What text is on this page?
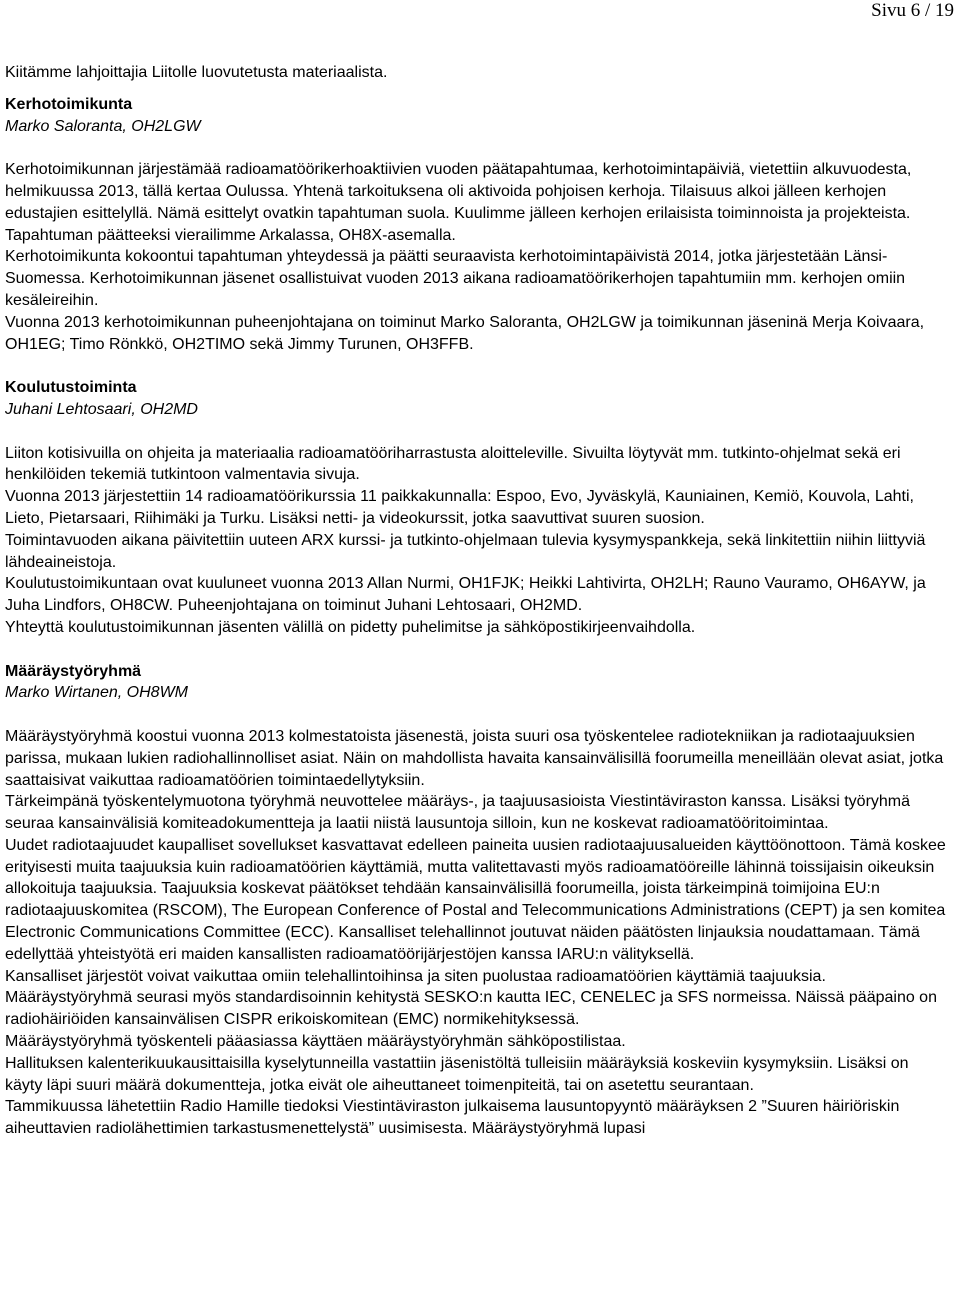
Sivu 6 / 19

Kiitämme lahjoittajia Liitolle luovutetusta materiaalista.

Kerhotoimikunta

Marko Saloranta, OH2LGW

Kerhotoimikunnan järjestämää radioamatöörikerhoaktiivien vuoden päätapahtumaa, kerhotoimintapäiviä, vietettiin alkuvuodesta, helmikuussa 2013, tällä kertaa Oulussa. Yhtenä tarkoituksena oli aktivoida pohjoisen kerhoja. Tilaisuus alkoi jälleen kerhojen edustajien esittelyllä. Nämä esittelyt ovatkin tapahtuman suola. Kuulimme jälleen kerhojen erilaisista toiminnoista ja projekteista. Tapahtuman päätteeksi vierailimme Arkalassa, OH8X-asemalla.

Kerhotoimikunta kokoontui tapahtuman yhteydessä ja päätti seuraavista kerhotoimintapäivistä 2014, jotka järjestetään Länsi-Suomessa. Kerhotoimikunnan jäsenet osallistuivat vuoden 2013 aikana radioamatöörikerhojen tapahtumiin mm. kerhojen omiin kesäleireihin.

Vuonna 2013 kerhotoimikunnan puheenjohtajana on toiminut Marko Saloranta, OH2LGW ja toimikunnan jäseninä Merja Koivaara, OH1EG; Timo Rönkkö, OH2TIMO sekä Jimmy Turunen, OH3FFB.

Koulutustoiminta

Juhani Lehtosaari, OH2MD

Liiton kotisivuilla on ohjeita ja materiaalia radioamatööriharrastusta aloitteleville. Sivuilta löytyvät mm. tutkinto-ohjelmat sekä eri henkilöiden tekemiä tutkintoon valmentavia sivuja.

Vuonna 2013 järjestettiin 14 radioamatöörikurssia 11 paikkakunnalla: Espoo, Evo, Jyväskylä, Kauniainen, Kemiö, Kouvola, Lahti, Lieto, Pietarsaari, Riihimäki ja Turku. Lisäksi netti- ja videokurssit, jotka saavuttivat suuren suosion.

Toimintavuoden aikana päivitettiin uuteen ARX kurssi- ja tutkinto-ohjelmaan tulevia kysymyspankkeja, sekä linkitettiin niihin liittyviä lähdeaineistoja.

Koulutustoimikuntaan ovat kuuluneet vuonna 2013 Allan Nurmi, OH1FJK; Heikki Lahtivirta, OH2LH; Rauno Vauramo, OH6AYW, ja Juha Lindfors, OH8CW. Puheenjohtajana on toiminut Juhani Lehtosaari, OH2MD.

Yhteyttä koulutustoimikunnan jäsenten välillä on pidetty puhelimitse ja sähköpostikirjeenvaihdolla.

Määräystyöryhmä

Marko Wirtanen, OH8WM

Määräystyöryhmä koostui vuonna 2013 kolmestatoista jäsenestä, joista suuri osa työskentelee radiotekniikan ja radiotaajuuksien parissa, mukaan lukien radiohallinnolliset asiat. Näin on mahdollista havaita kansainvälisillä foorumeilla meneillään olevat asiat, jotka saattaisivat vaikuttaa radioamatöörien toimintaedellytyksiin.

Tärkeimpänä työskentelymuotona työryhmä neuvottelee määräys-, ja taajuusasioista Viestintäviraston kanssa. Lisäksi työryhmä seuraa kansainvälisiä komiteadokumentteja ja laatii niistä lausuntoja silloin, kun ne koskevat radioamatööritoimintaa.

Uudet radiotaajuudet kaupalliset sovellukset kasvattavat edelleen paineita uusien radiotaajuusalueiden käyttöönottoon. Tämä koskee erityisesti muita taajuuksia kuin radioamatöörien käyttämiä, mutta valitettavasti myös radioamatööreille lähinnä toissijaisin oikeuksin allokoituja taajuuksia. Taajuuksia koskevat päätökset tehdään kansainvälisillä foorumeilla, joista tärkeimpinä toimijoina EU:n radiotaajuuskomitea (RSCOM), The European Conference of Postal and Telecommunications Administrations (CEPT) ja sen komitea Electronic Communications Committee (ECC). Kansalliset telehallinnot joutuvat näiden päätösten linjauksia noudattamaan. Tämä edellyttää yhteistyötä eri maiden kansallisten radioamatöörijärjestöjen kanssa IARU:n välityksellä.

Kansalliset järjestöt voivat vaikuttaa omiin telehallintoihinsa ja siten puolustaa radioamatöörien käyttämiä taajuuksia. Määräystyöryhmä seurasi myös standardisoinnin kehitystä SESKO:n kautta IEC, CENELEC ja SFS normeissa. Näissä pääpaino on radiohäiriöiden kansainvälisen CISPR erikoiskomitean (EMC) normikehityksessä.

Määräystyöryhmä työskenteli pääasiassa käyttäen määräystyöryhmän sähköpostilistaa.

Hallituksen kalenterikuukausittaisilla kyselytunneilla vastattiin jäsenistöltä tulleisiin määräyksiä koskeviin kysymyksiin. Lisäksi on käyty läpi suuri määrä dokumentteja, jotka eivät ole aiheuttaneet toimenpiteitä, tai on asetettu seurantaan.

Tammikuussa lähetettiin Radio Hamille tiedoksi Viestintäviraston julkaisema lausuntopyyntö määräyksen 2 ”Suuren häiriöriskin aiheuttavien radiolähettimien tarkastusmenettelystä” uusimisesta. Määräystyöryhmä lupasi
